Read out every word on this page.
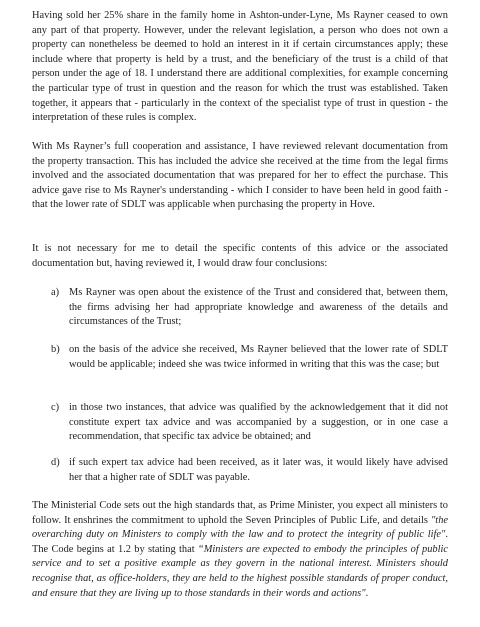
Having sold her 25% share in the family home in Ashton-under-Lyne, Ms Rayner ceased to own any part of that property. However, under the relevant legislation, a person who does not own a property can nonetheless be deemed to hold an interest in it if certain circumstances apply; these include where that property is held by a trust, and the beneficiary of the trust is a child of that person under the age of 18. I understand there are additional complexities, for example concerning the particular type of trust in question and the reason for which the trust was established. Taken together, it appears that - particularly in the context of the specialist type of trust in question - the interpretation of these rules is complex.

With Ms Rayner’s full cooperation and assistance, I have reviewed relevant documentation from the property transaction. This has included the advice she received at the time from the legal firms involved and the associated documentation that was prepared for her to effect the purchase. This advice gave rise to Ms Rayner's understanding - which I consider to have been held in good faith - that the lower rate of SDLT was applicable when purchasing the property in Hove.

It is not necessary for me to detail the specific contents of this advice or the associated documentation but, having reviewed it, I would draw four conclusions:

a) Ms Rayner was open about the existence of the Trust and considered that, between them, the firms advising her had appropriate knowledge and awareness of the details and circumstances of the Trust;
b) on the basis of the advice she received, Ms Rayner believed that the lower rate of SDLT would be applicable; indeed she was twice informed in writing that this was the case; but
c) in those two instances, that advice was qualified by the acknowledgement that it did not constitute expert tax advice and was accompanied by a suggestion, or in one case a recommendation, that specific tax advice be obtained; and
d) if such expert tax advice had been received, as it later was, it would likely have advised her that a higher rate of SDLT was payable.

The Ministerial Code sets out the high standards that, as Prime Minister, you expect all ministers to follow. It enshrines the commitment to uphold the Seven Principles of Public Life, and details "the overarching duty on Ministers to comply with the law and to protect the integrity of public life". The Code begins at 1.2 by stating that “Ministers are expected to embody the principles of public service and to set a positive example as they govern in the national interest. Ministers should recognise that, as office-holders, they are held to the highest possible standards of proper conduct, and ensure that they are living up to those standards in their words and actions".
